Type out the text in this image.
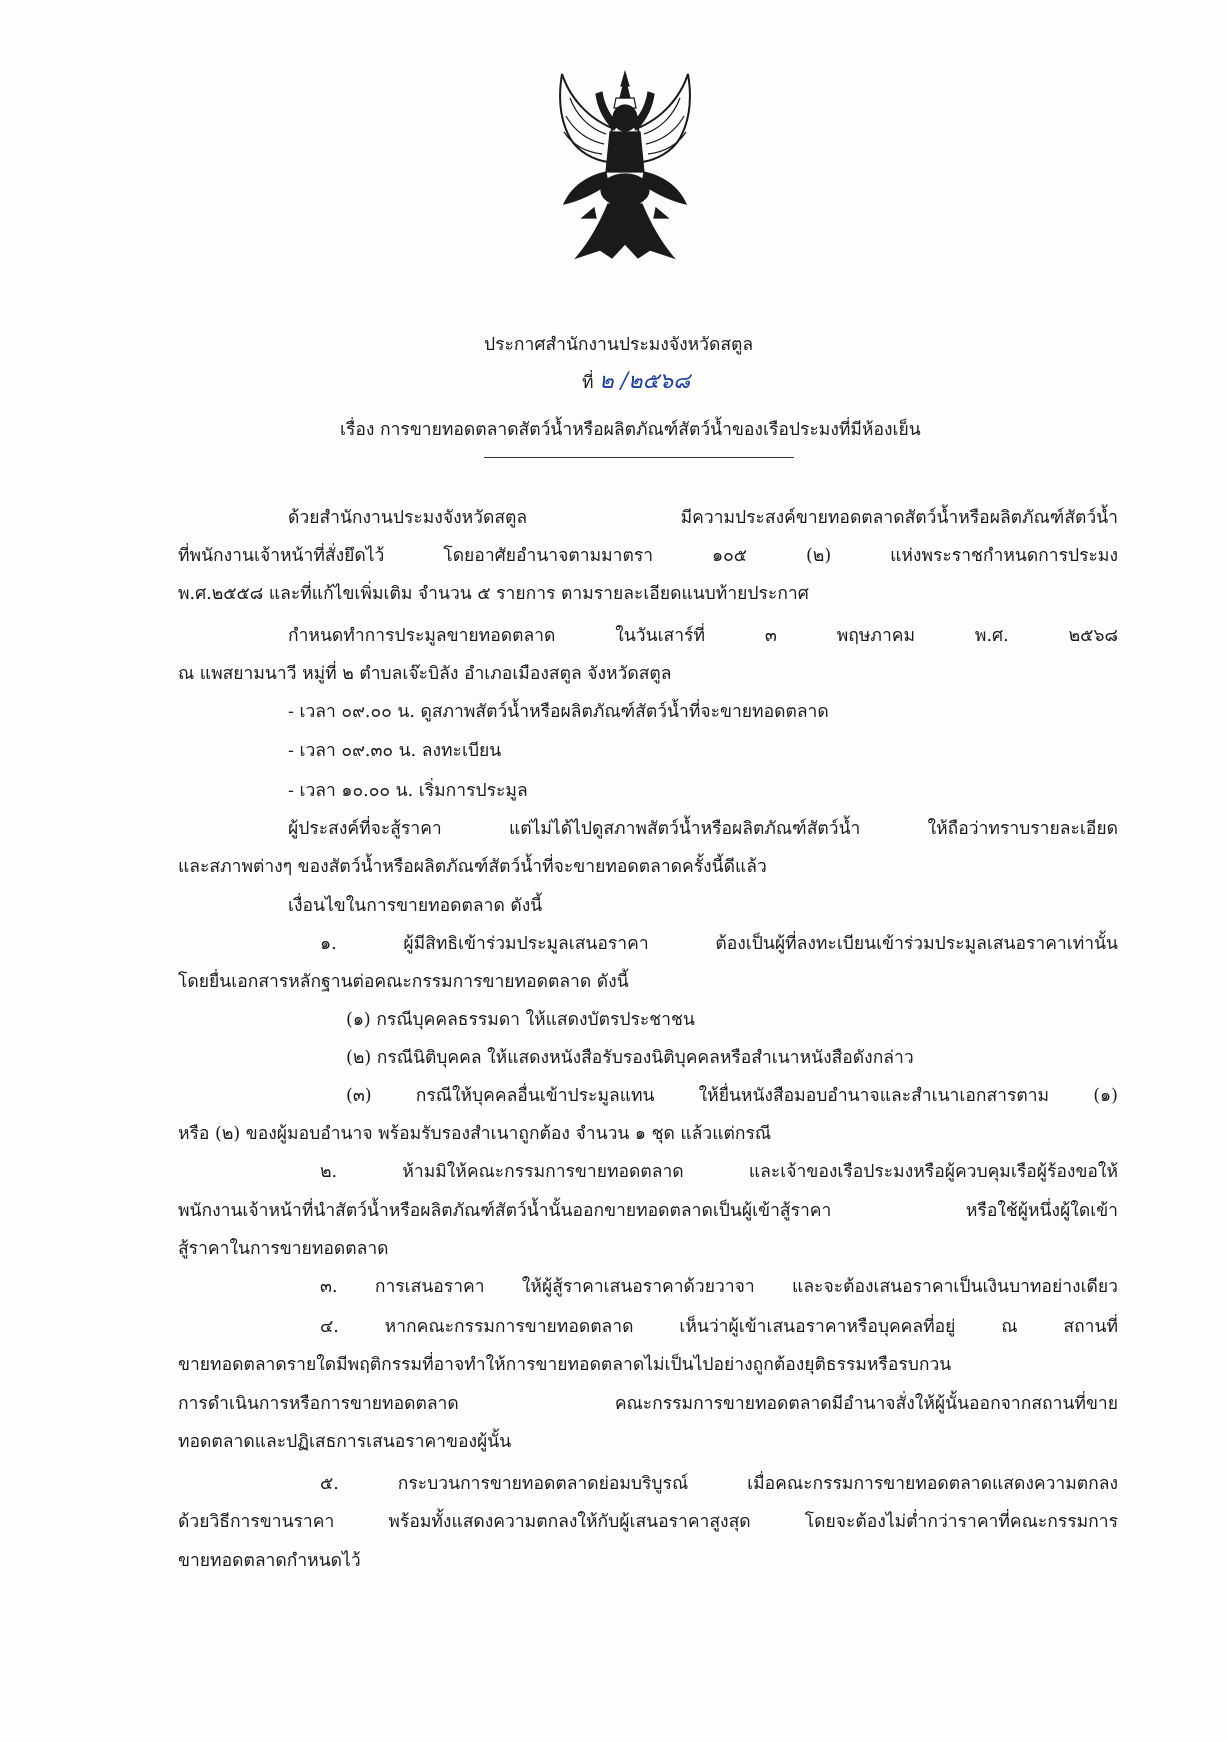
ประกาศสำนักงานประมงจังหวัดสตูล
ที่ ๒ /๒๕๖๘
เรื่อง การขายทอดตลาดสัตว์น้ำหรือผลิตภัณฑ์สัตว์น้ำของเรือประมงที่มีห้องเย็น
ด้วยสำนักงานประมงจังหวัดสตูล มีความประสงค์ขายทอดตลาดสัตว์น้ำหรือผลิตภัณฑ์สัตว์น้ำ
ที่พนักงานเจ้าหน้าที่สั่งยึดไว้ โดยอาศัยอำนาจตามมาตรา ๑๐๕ (๒) แห่งพระราชกำหนดการประมง
พ.ศ.๒๕๕๘ และที่แก้ไขเพิ่มเติม จำนวน ๕ รายการ ตามรายละเอียดแนบท้ายประกาศ
กำหนดทำการประมูลขายทอดตลาด ในวันเสาร์ที่ ๓ พฤษภาคม พ.ศ. ๒๕๖๘
ณ แพสยามนาวี หมู่ที่ ๒ ตำบลเจ๊ะบิลัง อำเภอเมืองสตูล จังหวัดสตูล
- เวลา ๐๙.๐๐ น. ดูสภาพสัตว์น้ำหรือผลิตภัณฑ์สัตว์น้ำที่จะขายทอดตลาด
- เวลา ๐๙.๓๐ น. ลงทะเบียน
- เวลา ๑๐.๐๐ น. เริ่มการประมูล
ผู้ประสงค์ที่จะสู้ราคา แต่ไม่ได้ไปดูสภาพสัตว์น้ำหรือผลิตภัณฑ์สัตว์น้ำ ให้ถือว่าทราบรายละเอียด
และสภาพต่างๆ ของสัตว์น้ำหรือผลิตภัณฑ์สัตว์น้ำที่จะขายทอดตลาดครั้งนี้ดีแล้ว
เงื่อนไขในการขายทอดตลาด ดังนี้
๑. ผู้มีสิทธิเข้าร่วมประมูลเสนอราคา ต้องเป็นผู้ที่ลงทะเบียนเข้าร่วมประมูลเสนอราคาเท่านั้น
โดยยื่นเอกสารหลักฐานต่อคณะกรรมการขายทอดตลาด ดังนี้
(๑) กรณีบุคคลธรรมดา ให้แสดงบัตรประชาชน
(๒) กรณีนิติบุคคล ให้แสดงหนังสือรับรองนิติบุคคลหรือสำเนาหนังสือดังกล่าว
(๓) กรณีให้บุคคลอื่นเข้าประมูลแทน ให้ยื่นหนังสือมอบอำนาจและสำเนาเอกสารตาม (๑)
หรือ (๒) ของผู้มอบอำนาจ พร้อมรับรองสำเนาถูกต้อง จำนวน ๑ ชุด แล้วแต่กรณี
๒. ห้ามมิให้คณะกรรมการขายทอดตลาด และเจ้าของเรือประมงหรือผู้ควบคุมเรือผู้ร้องขอให้
พนักงานเจ้าหน้าที่นำสัตว์น้ำหรือผลิตภัณฑ์สัตว์น้ำนั้นออกขายทอดตลาดเป็นผู้เข้าสู้ราคา หรือใช้ผู้หนึ่งผู้ใดเข้า
สู้ราคาในการขายทอดตลาด
๓. การเสนอราคา ให้ผู้สู้ราคาเสนอราคาด้วยวาจา และจะต้องเสนอราคาเป็นเงินบาทอย่างเดียว
๔. หากคณะกรรมการขายทอดตลาด เห็นว่าผู้เข้าเสนอราคาหรือบุคคลที่อยู่ ณ สถานที่
ขายทอดตลาดรายใดมีพฤติกรรมที่อาจทำให้การขายทอดตลาดไม่เป็นไปอย่างถูกต้องยุติธรรมหรือรบกวน
การดำเนินการหรือการขายทอดตลาด คณะกรรมการขายทอดตลาดมีอำนาจสั่งให้ผู้นั้นออกจากสถานที่ขาย
ทอดตลาดและปฏิเสธการเสนอราคาของผู้นั้น
๕. กระบวนการขายทอดตลาดย่อมบริบูรณ์ เมื่อคณะกรรมการขายทอดตลาดแสดงความตกลง
ด้วยวิธีการขานราคา พร้อมทั้งแสดงความตกลงให้กับผู้เสนอราคาสูงสุด โดยจะต้องไม่ต่ำกว่าราคาที่คณะกรรมการ
ขายทอดตลาดกำหนดไว้
